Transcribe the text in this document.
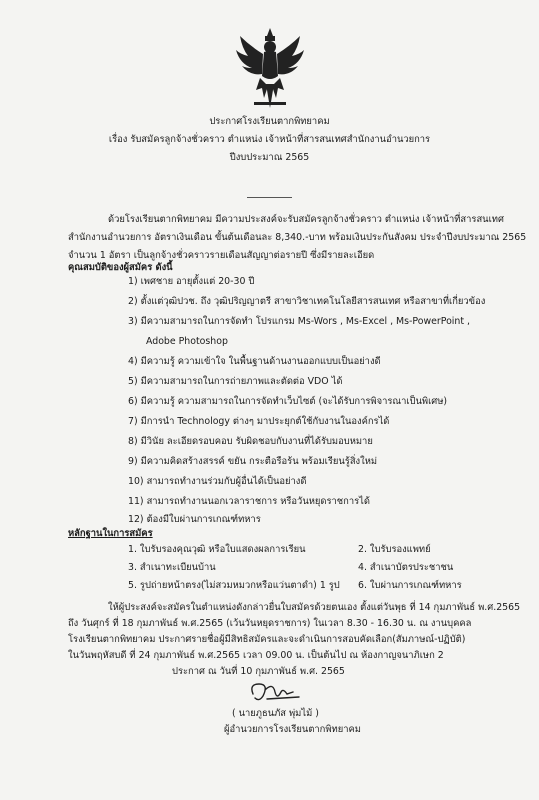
ประกาศโรงเรียนตากพิทยาคม
เรื่อง รับสมัครลูกจ้างชั่วคราว ตำแหน่ง เจ้าหน้าที่สารสนเทศสำนักงานอำนวยการ
ปีงบประมาณ 2565
ด้วยโรงเรียนตากพิทยาคม มีความประสงค์จะรับสมัครลูกจ้างชั่วคราว ตำแหน่ง เจ้าหน้าที่สารสนเทศ
สำนักงานอำนวยการ อัตราเงินเดือน ขั้นต้นเดือนละ 8,340.-บาท พร้อมเงินประกันสังคม ประจำปีงบประมาณ 2565
จำนวน 1 อัตรา เป็นลูกจ้างชั่วคราวรายเดือนสัญญาต่อรายปี ซึ่งมีรายละเอียด
คุณสมบัติของผู้สมัคร ดังนี้
1) เพศชาย อายุตั้งแต่ 20-30 ปี
2) ตั้งแต่วุฒิปวช. ถึง วุฒิปริญญาตรี สาขาวิชาเทคโนโลยีสารสนเทศ หรือสาขาที่เกี่ยวข้อง
3) มีความสามารถในการจัดทำ โปรแกรม Ms-Wors , Ms-Excel , Ms-PowerPoint ,
Adobe Photoshop
4) มีความรู้ ความเข้าใจ ในพื้นฐานด้านงานออกแบบเป็นอย่างดี
5) มีความสามารถในการถ่ายภาพและตัดต่อ VDO ได้
6) มีความรู้ ความสามารถในการจัดทำเว็บไซต์ (จะได้รับการพิจารณาเป็นพิเศษ)
7) มีการนำ Technology ต่างๆ มาประยุกต์ใช้กับงานในองค์กรได้
8) มีวินัย ละเอียดรอบคอบ รับผิดชอบกับงานที่ได้รับมอบหมาย
9) มีความคิดสร้างสรรค์ ขยัน กระตือรือร้น พร้อมเรียนรู้สิ่งใหม่
10) สามารถทำงานร่วมกับผู้อื่นได้เป็นอย่างดี
11) สามารถทำงานนอกเวลาราชการ หรือวันหยุดราชการได้
12) ต้องมีใบผ่านการเกณฑ์ทหาร
หลักฐานในการสมัคร
1. ใบรับรองคุณวุฒิ หรือใบแสดงผลการเรียน	2. ใบรับรองแพทย์
3. สำเนาทะเบียนบ้าน	4. สำเนาบัตรประชาชน
5. รูปถ่ายหน้าตรง(ไม่สวมหมวกหรือแว่นตาดำ) 1 รูป 6. ใบผ่านการเกณฑ์ทหาร
ให้ผู้ประสงค์จะสมัครในตำแหน่งดังกล่าวยื่นใบสมัครด้วยตนเอง ตั้งแต่วันพุธ ที่ 14 กุมภาพันธ์ พ.ศ.2565
ถึง วันศุกร์ ที่ 18 กุมภาพันธ์ พ.ศ.2565 (เว้นวันหยุดราชการ) ในเวลา 8.30 - 16.30 น. ณ งานบุคคล
โรงเรียนตากพิทยาคม ประกาศรายชื่อผู้มีสิทธิสมัครและจะดำเนินการสอบคัดเลือก(สัมภาษณ์-ปฏิบัติ)
ในวันพฤหัสบดี ที่ 24 กุมภาพันธ์ พ.ศ.2565 เวลา 09.00 น. เป็นต้นไป ณ ห้องกาญจนาภิเษก 2
ประกาศ ณ วันที่ 10 กุมภาพันธ์ พ.ศ. 2565
( นายภูธนภัส พุ่มไม้ )
ผู้อำนวยการโรงเรียนตากพิทยาคม
